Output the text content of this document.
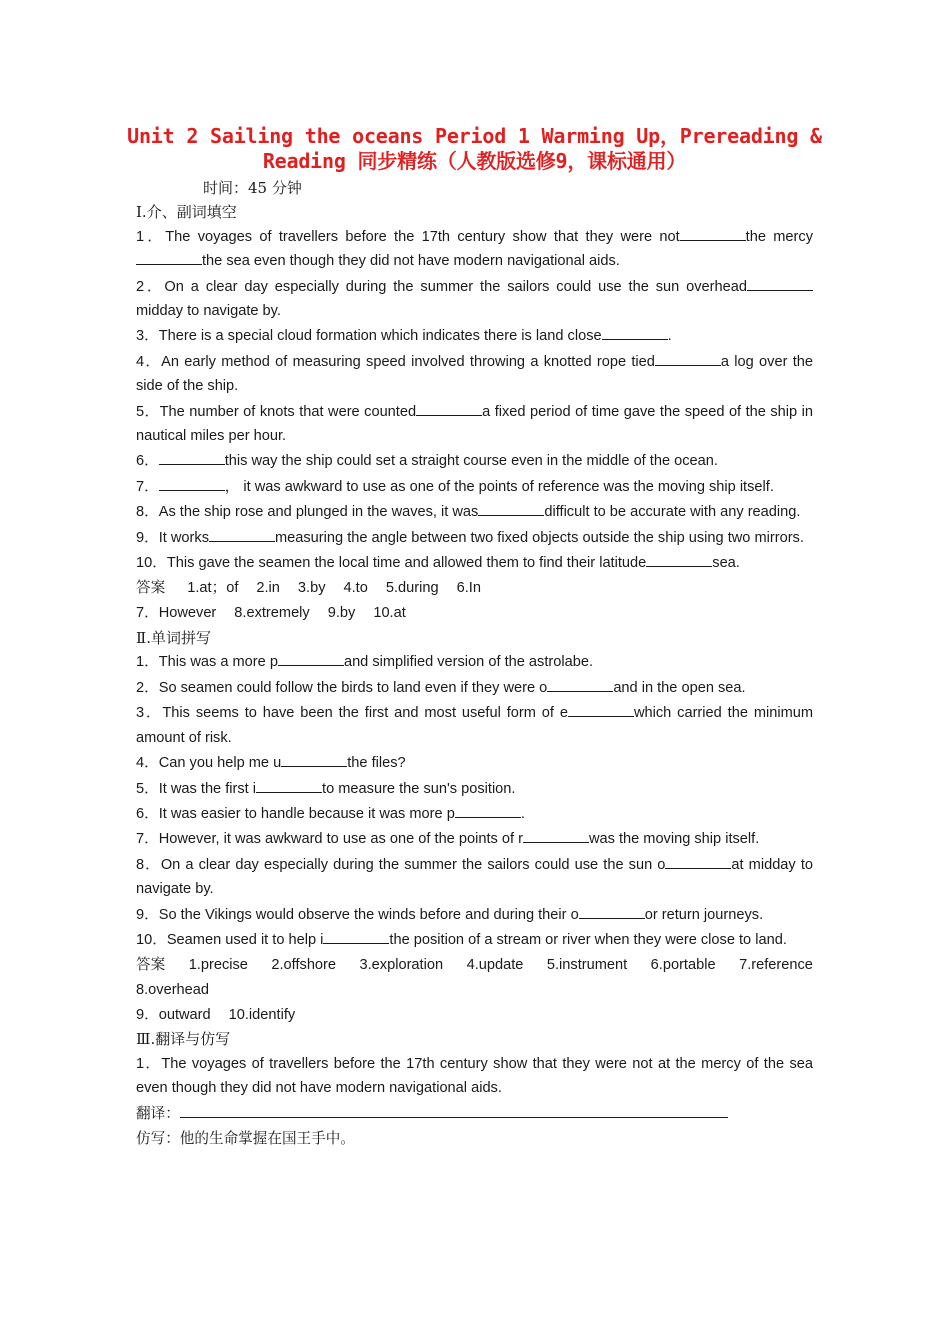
Unit 2 Sailing the oceans Period 1 Warming Up，Prereading & Reading 同步精练（人教版选修9，课标通用）
时间：45 分钟
Ⅰ.介、副词填空
1．The voyages of travellers before the 17th century show that they were not	the mercythe sea even though they did not have modern navigational aids.
2．On a clear day especially during the summer the sailors could use the sun overheadmidday to navigate by.
3．There is a special cloud formation which indicates there is land close	.
4．An early method of measuring speed involved throwing a knotted rope tied	a log over the side of the ship.
5．The number of knots that were counted	a fixed period of time gave the speed of the ship in nautical miles per hour.
6．	this way the ship could set a straight course even in the middle of the ocean.
7．	， it was awkward to use as one of the points of reference was the moving ship itself.
8．As the ship rose and plunged in the waves, it was	difficult to be accurate with any reading.
9．It works	measuring the angle between two fixed objects outside the ship using two mirrors.
10．This gave the seamen the local time and allowed them to find their latitude	sea.
答案 1.at；of 2.in 3.by 4.to 5.during 6.In
7．However 8.extremely 9.by 10.at
Ⅱ.单词拼写
1．This was a more p	and simplified version of the astrolabe.
2．So seamen could follow the birds to land even if they were o	and in the open sea.
3．This seems to have been the first and most useful form of e	which carried the minimum amount of risk.
4．Can you help me u	the files?
5．It was the first i	to measure the sun's position.
6．It was easier to handle because it was more p	.
7．However, it was awkward to use as one of the points of r	was the moving ship itself.
8．On a clear day especially during the summer the sailors could use the sun o	at midday to navigate by.
9．So the Vikings would observe the winds before and during their o	or return journeys.
10．Seamen used it to help i	the position of a stream or river when they were close to land.
答案 1.precise 2.offshore 3.exploration 4.update 5.instrument 6.portable 7.reference
8.overhead
9．outward 10.identify
Ⅲ.翻译与仿写
1．The voyages of travellers before the 17th century show that they were not at the mercy of the sea even though they did not have modern navigational aids.
翻译：
仿写：他的生命掌握在国王手中。
